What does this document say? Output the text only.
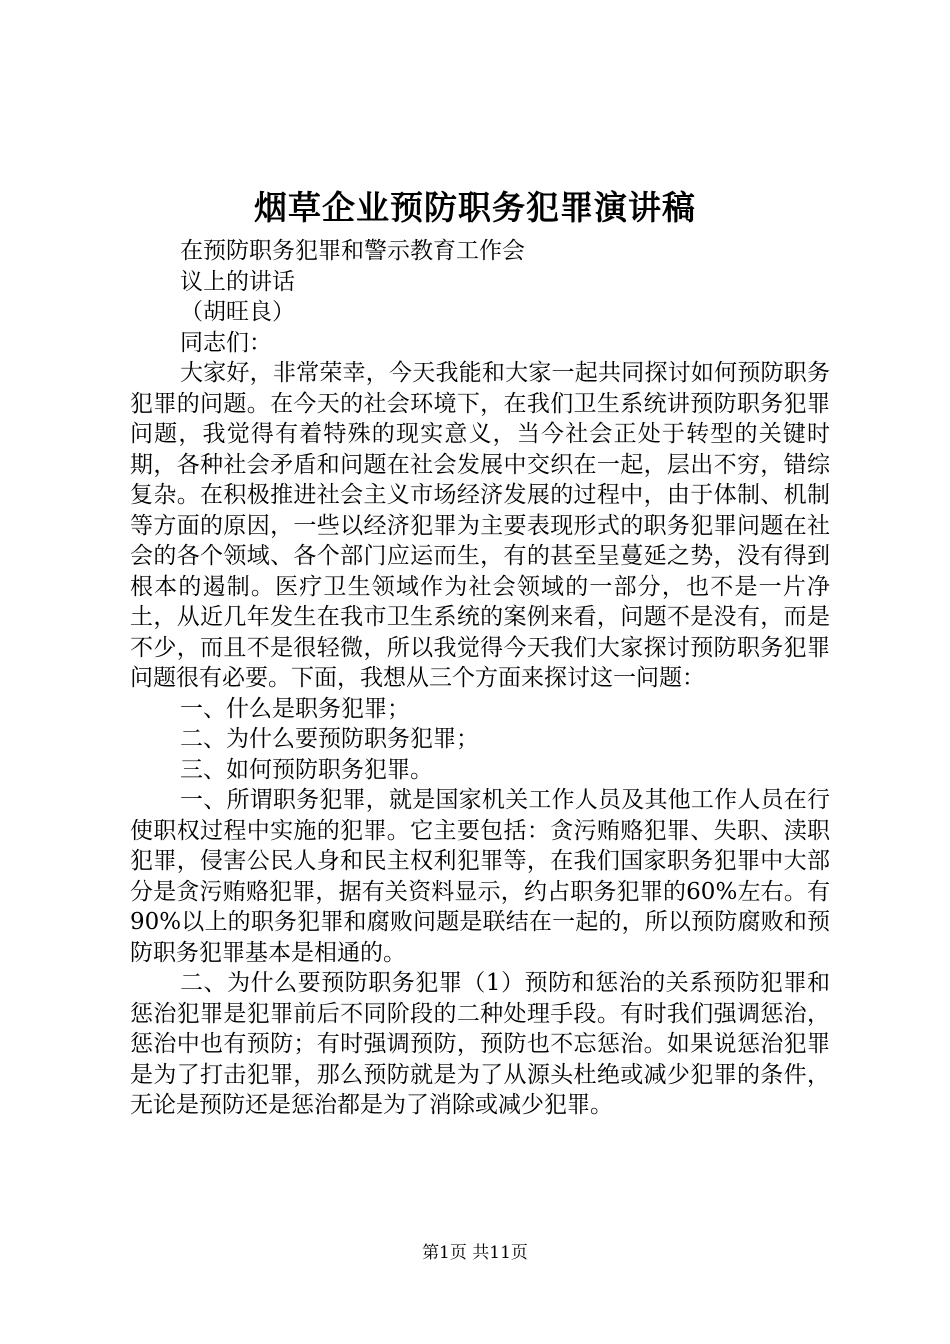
烟草企业预防职务犯罪演讲稿

在预防职务犯罪和警示教育工作会

议上的讲话

（胡旺良）

同志们：

大家好，非常荣幸，今天我能和大家一起共同探讨如何预防职务犯罪的问题。在今天的社会环境下，在我们卫生系统讲预防职务犯罪问题，我觉得有着特殊的现实意义，当今社会正处于转型的关键时期，各种社会矛盾和问题在社会发展中交织在一起，层出不穷，错综复杂。在积极推进社会主义市场经济发展的过程中，由于体制、机制等方面的原因，一些以经济犯罪为主要表现形式的职务犯罪问题在社会的各个领域、各个部门应运而生，有的甚至呈蔓延之势，没有得到根本的遏制。医疗卫生领域作为社会领域的一部分，也不是一片净土，从近几年发生在我市卫生系统的案例来看，问题不是没有，而是不少，而且不是很轻微，所以我觉得今天我们大家探讨预防职务犯罪问题很有必要。下面，我想从三个方面来探讨这一问题：

一、什么是职务犯罪；

二、为什么要预防职务犯罪；

三、如何预防职务犯罪。

一、所谓职务犯罪，就是国家机关工作人员及其他工作人员在行使职权过程中实施的犯罪。它主要包括：贪污贿赂犯罪、失职、渎职犯罪，侵害公民人身和民主权利犯罪等，在我们国家职务犯罪中大部分是贪污贿赂犯罪，据有关资料显示，约占职务犯罪的60%左右。有90%以上的职务犯罪和腐败问题是联结在一起的，所以预防腐败和预防职务犯罪基本是相通的。

二、为什么要预防职务犯罪（1）预防和惩治的关系预防犯罪和惩治犯罪是犯罪前后不同阶段的二种处理手段。有时我们强调惩治，惩治中也有预防；有时强调预防，预防也不忘惩治。如果说惩治犯罪是为了打击犯罪，那么预防就是为了从源头杜绝或减少犯罪的条件，无论是预防还是惩治都是为了消除或减少犯罪。

第1页 共11页
